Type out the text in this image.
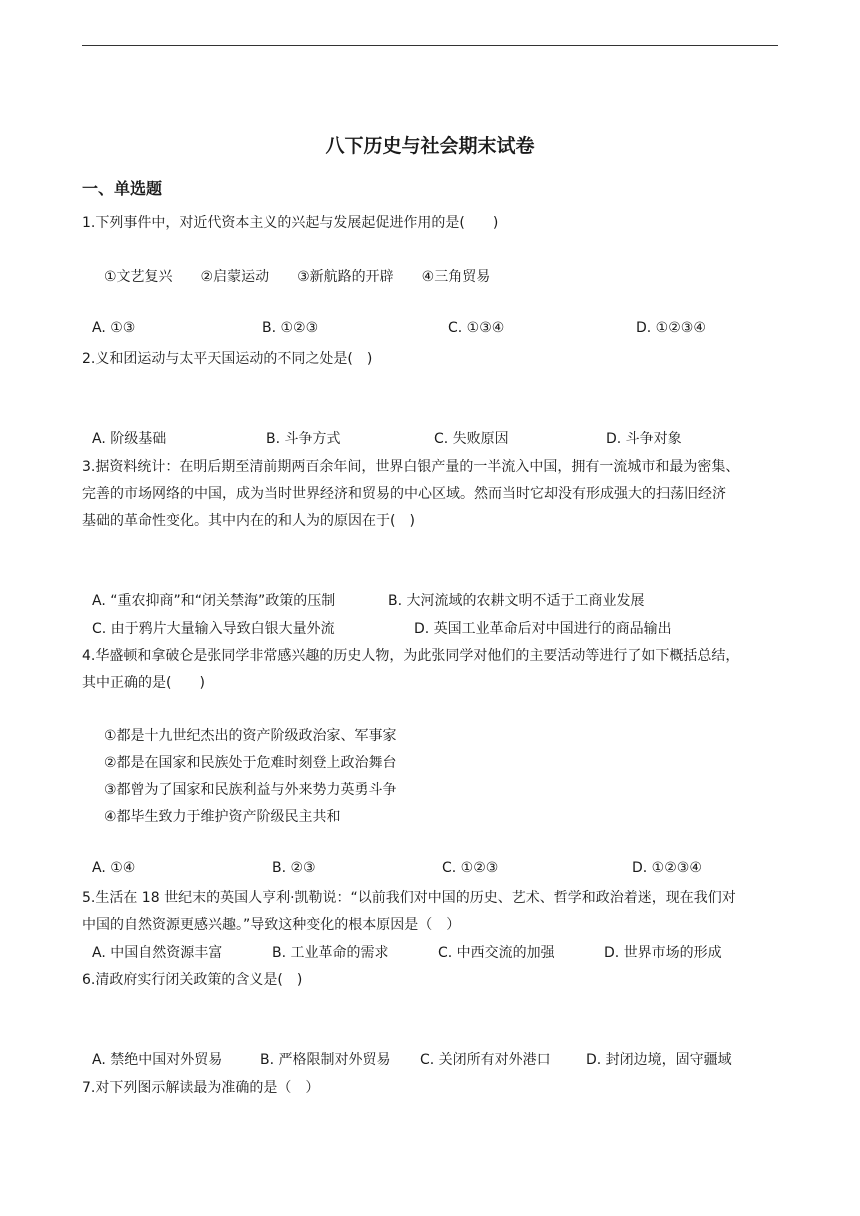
八下历史与社会期末试卷
一、单选题
1.下列事件中，对近代资本主义的兴起与发展起促进作用的是(　　)
①文艺复兴　　②启蒙运动　　③新航路的开辟　　④三角贸易
A. ①③	B. ①②③	C. ①③④	D. ①②③④
2.义和团运动与太平天国运动的不同之处是(　)
A. 阶级基础	B. 斗争方式	C. 失败原因	D. 斗争对象
3.据资料统计：在明后期至清前期两百余年间，世界白银产量的一半流入中国，拥有一流城市和最为密集、
完善的市场网络的中国，成为当时世界经济和贸易的中心区域。然而当时它却没有形成强大的扫荡旧经济
基础的革命性变化。其中内在的和人为的原因在于(　)
A. “重农抑商”和“闭关禁海”政策的压制	B. 大河流域的农耕文明不适于工商业发展
C. 由于鸦片大量输入导致白银大量外流	D. 英国工业革命后对中国进行的商品输出
4.华盛顿和拿破仑是张同学非常感兴趣的历史人物，为此张同学对他们的主要活动等进行了如下概括总结，
其中正确的是(　　)
①都是十九世纪杰出的资产阶级政治家、军事家
②都是在国家和民族处于危难时刻登上政治舞台
③都曾为了国家和民族利益与外来势力英勇斗争
④都毕生致力于维护资产阶级民主共和
A. ①④	B. ②③	C. ①②③	D. ①②③④
5.生活在 18 世纪末的英国人亨利·凯勒说：“以前我们对中国的历史、艺术、哲学和政治着迷，现在我们对
中国的自然资源更感兴趣。”导致这种变化的根本原因是（　）
A. 中国自然资源丰富	B. 工业革命的需求	C. 中西交流的加强	D. 世界市场的形成
6.清政府实行闭关政策的含义是(　)
A. 禁绝中国对外贸易	B. 严格限制对外贸易 C. 关闭所有对外港口	D. 封闭边境，固守疆域
7.对下列图示解读最为准确的是（　）
